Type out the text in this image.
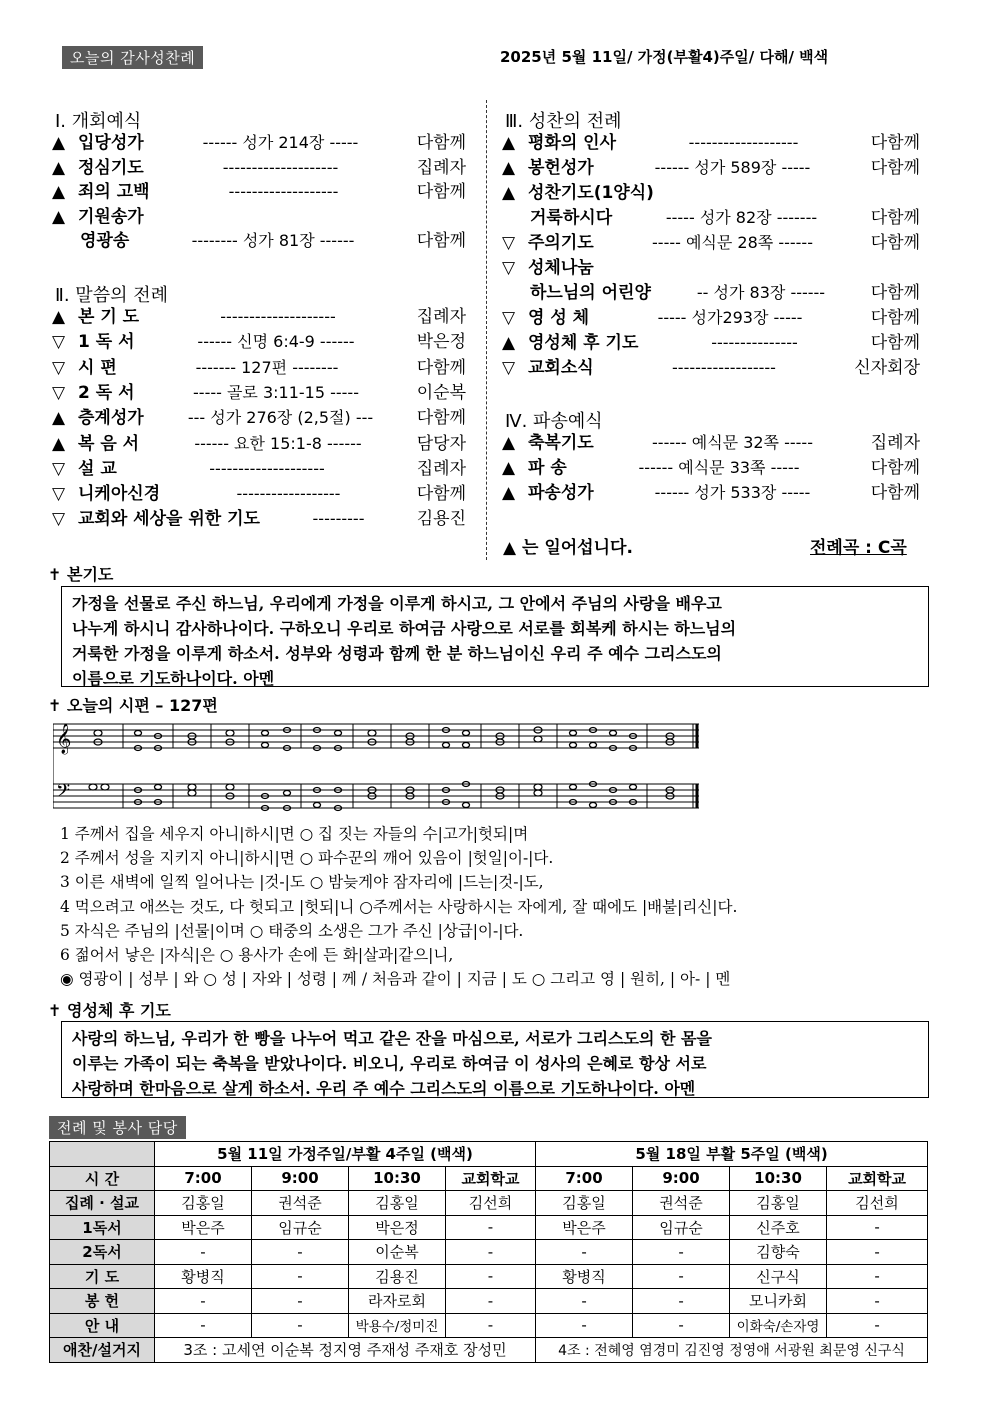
오늘의 감사성찬례	2025년 5월 11일/ 가정(부활4)주일/ 다해/ 백색
Ⅰ. 개회예식
▲ 입당성가	------ 성가 214장 -----	다함께
▲ 정심기도	--------------------	집례자
▲ 죄의 고백	-------------------	다함께
▲ 기원송가
영광송	-------- 성가 81장 ------	다함께
Ⅱ. 말씀의 전례
▲ 본 기 도	--------------------	집례자
▽ 1 독 서	------ 신명 6:4-9 ------	박은정
▽ 시 편	------- 127편 --------	다함께
▽ 2 독 서	----- 골로 3:11-15 -----	이순복
▲ 층계성가	--- 성가 276장 (2,5절) ---	다함께
▲ 복 음 서	------ 요한 15:1-8 ------	담당자
▽ 설 교	--------------------	집례자
▽ 니케아신경	------------------	다함께
▽ 교회와 세상을 위한 기도	---------	김용진
Ⅲ. 성찬의 전례
▲ 평화의 인사	-------------------	다함께
▲ 봉헌성가	------ 성가 589장 -----	다함께
▲ 성찬기도(1양식)
거룩하시다	----- 성가 82장 -------	다함께
▽ 주의기도	----- 예식문 28쪽 ------	다함께
▽ 성체나눔
하느님의 어린양	-- 성가 83장 ------	다함께
▽ 영 성 체	----- 성가293장 -----	다함께
▲ 영성체 후 기도	---------------	다함께
▽ 교회소식	------------------	신자회장
Ⅳ. 파송예식
▲ 축복기도	------ 예식문 32쪽 -----	집례자
▲ 파 송	------ 예식문 33쪽 -----	다함께
▲ 파송성가	------ 성가 533장 -----	다함께
▲ 는 일어섭니다.	전례곡 : C곡
✝ 본기도
가정을 선물로 주신 하느님, 우리에게 가정을 이루게 하시고, 그 안에서 주님의 사랑을 배우고
나누게 하시니 감사하나이다. 구하오니 우리로 하여금 사랑으로 서로를 회복케 하시는 하느님의
거룩한 가정을 이루게 하소서. 성부와 성령과 함께 한 분 하느님이신 우리 주 예수 그리스도의
이름으로 기도하나이다. 아멘
✝ 오늘의 시편 – 127편
𝄞
𝄢
1 주께서 집을 세우지 아니|하시|면 ○ 집 짓는 자들의 수|고가|헛되|며
2 주께서 성을 지키지 아니|하시|면 ○ 파수꾼의 깨어 있음이 |헛일|이-|다.
3 이른 새벽에 일찍 일어나는 |것-|도 ○ 밤늦게야 잠자리에 |드는|것-|도,
4 먹으려고 애쓰는 것도, 다 헛되고 |헛되|니 ○주께서는 사랑하시는 자에게, 잘 때에도 |배불|리신|다.
5 자식은 주님의 |선물|이며 ○ 태중의 소생은 그가 주신 |상급|이-|다.
6 젊어서 낳은 |자식|은 ○ 용사가 손에 든 화|살과|같으|니,
◉ 영광이 | 성부 | 와 ○ 성 | 자와 | 성령 | 께 / 처음과 같이 | 지금 | 도 ○ 그리고 영 | 원히, | 아- | 멘
✝ 영성체 후 기도
사랑의 하느님, 우리가 한 빵을 나누어 먹고 같은 잔을 마심으로, 서로가 그리스도의 한 몸을
이루는 가족이 되는 축복을 받았나이다. 비오니, 우리로 하여금 이 성사의 은혜로 항상 서로
사랑하며 한마음으로 살게 하소서. 우리 주 예수 그리스도의 이름으로 기도하나이다. 아멘
전례 및 봉사 담당
	5월 11일 가정주일/부활 4주일 (백색)				5월 18일 부활 5주일 (백색)			
시 간	7:00	9:00	10:30	교회학교	7:00	9:00	10:30	교회학교
집례 · 설교	김홍일	권석준	김홍일	김선희	김홍일	권석준	김홍일	김선희
1독서	박은주	임규순	박은정	-	박은주	임규순	신주호	-
2독서	-	-	이순복	-	-	-	김향숙	-
기 도	황병직	-	김용진	-	황병직	-	신구식	-
봉 헌	-	-	라자로회	-	-	-	모니카회	-
안 내	-	-	박용수/정미진	-	-	-	이화숙/손자영	-
애찬/설거지	3조 : 고세연 이순복 정지영 주재성 주재호 장성민				4조 : 전혜영 염경미 김진영 정영애 서광원 최문영 신구식			
